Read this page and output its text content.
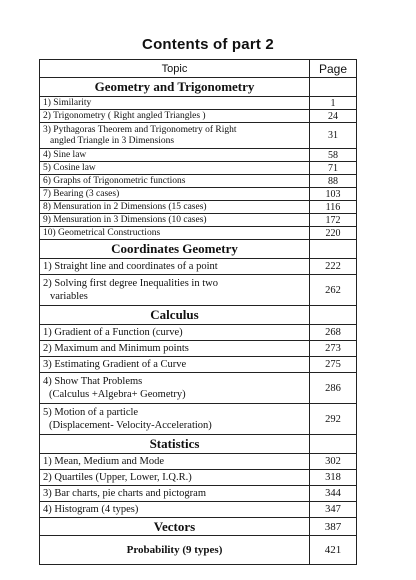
Contents of part 2
Topic	Page
Geometry and Trigonometry	
1) Similarity	1
2) Trigonometry ( Right angled Triangles )	24

3) Pythagoras Theorem and Trigonometry of Right
angled Triangle in 3 Dimensions	31
4) Sine law	58
5) Cosine law	71
6) Graphs of Trigonometric functions	88
7) Bearing (3 cases)	103
8) Mensuration in 2 Dimensions (15 cases)	116
9) Mensuration in 3 Dimensions (10 cases)	172
10) Geometrical Constructions	220
Coordinates Geometry	
1) Straight line and coordinates of a point	222

2) Solving first degree Inequalities in two
variables	262
Calculus	
1) Gradient of a Function (curve)	268
2) Maximum and Minimum points	273
3) Estimating Gradient of a Curve	275

4) Show That Problems
(Calculus +Algebra+ Geometry)	286

5) Motion of a particle
(Displacement- Velocity-Acceleration)	292
Statistics	
1) Mean, Medium and Mode	302
2) Quartiles (Upper, Lower, I.Q.R.)	318
3) Bar charts, pie charts and pictogram	344
4) Histogram (4 types)	347
Vectors	387
Probability (9 types)	421
